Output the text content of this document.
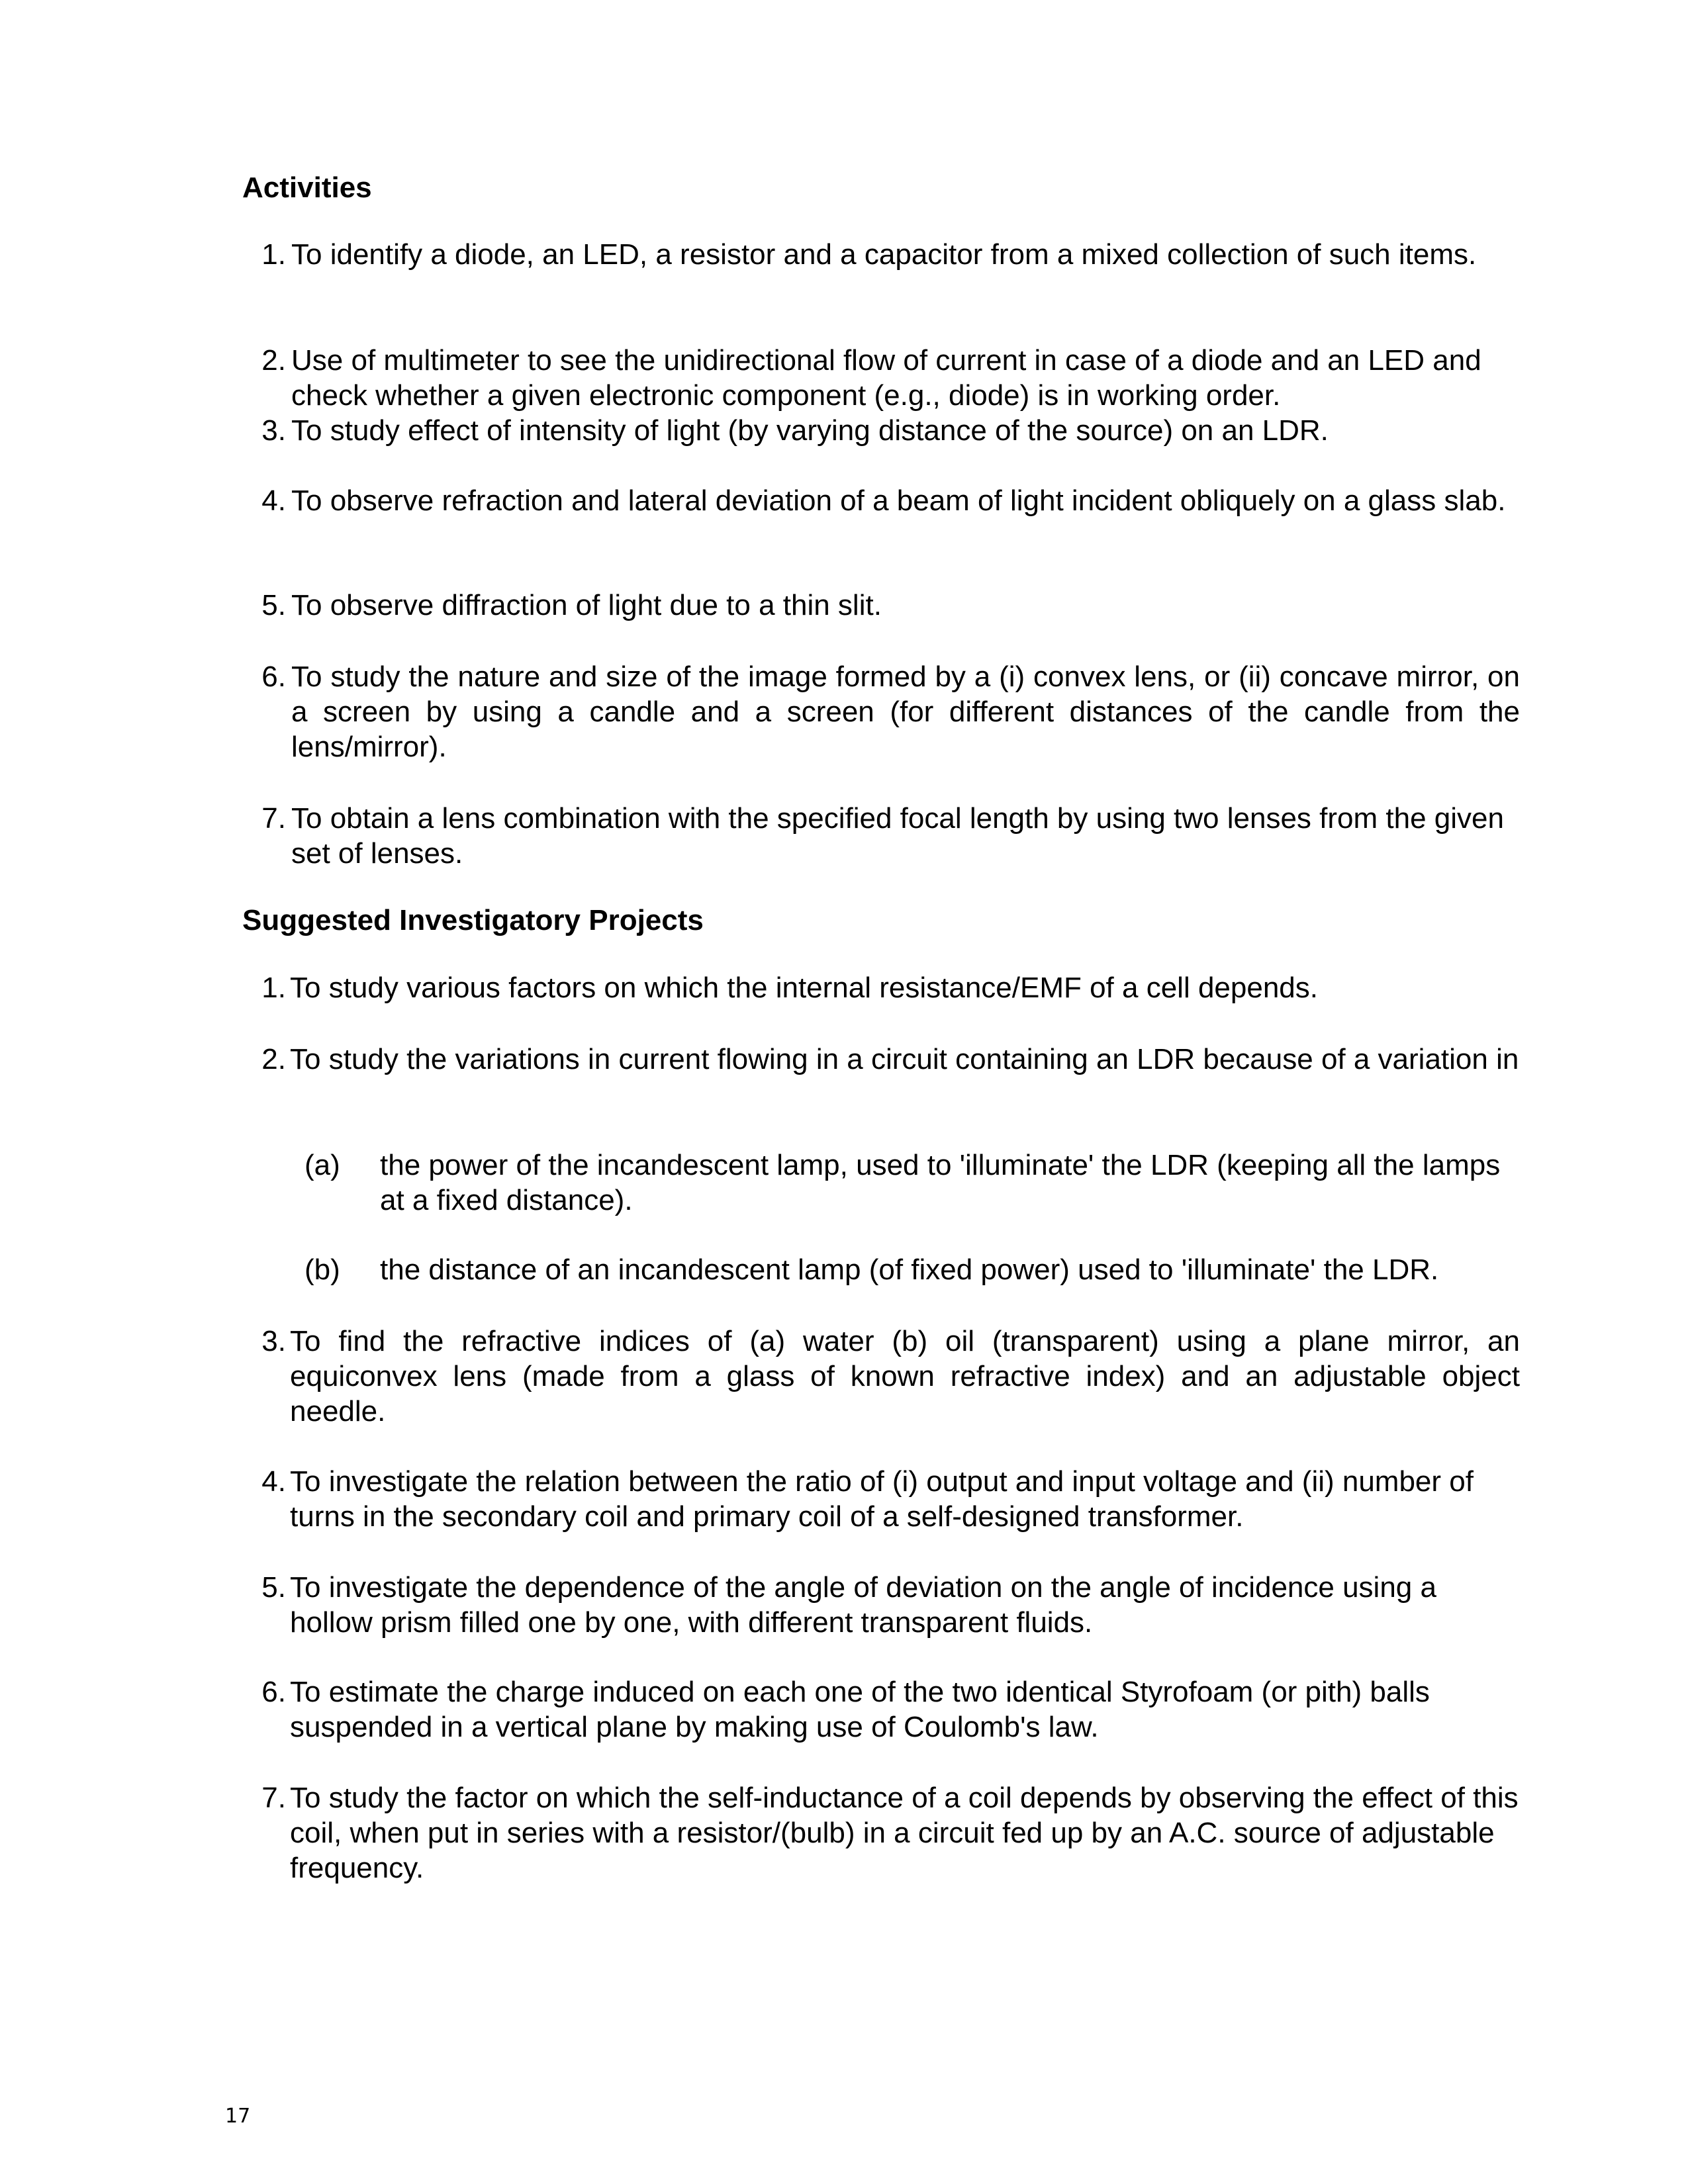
Activities
1. To identify a diode, an LED, a resistor and a capacitor from a mixed collection of such items.
2. Use of multimeter to see the unidirectional flow of current in case of a diode and an LED and check whether a given electronic component (e.g., diode) is in working order.
3. To study effect of intensity of light (by varying distance of the source) on an LDR.
4. To observe refraction and lateral deviation of a beam of light incident obliquely on a glass slab.
5. To observe diffraction of light due to a thin slit.
6. To study the nature and size of the image formed by a (i) convex lens, or (ii) concave mirror, on a screen by using a candle and a screen (for different distances of the candle from the lens/mirror).
7. To obtain a lens combination with the specified focal length by using two lenses from the given set of lenses.
Suggested Investigatory Projects
1. To study various factors on which the internal resistance/EMF of a cell depends.
2. To study the variations in current flowing in a circuit containing an LDR because of a variation in
(a) the power of the incandescent lamp, used to 'illuminate' the LDR (keeping all the lamps at a fixed distance).
(b) the distance of an incandescent lamp (of fixed power) used to 'illuminate' the LDR.
3. To find the refractive indices of (a) water (b) oil (transparent) using a plane mirror, an equiconvex lens (made from a glass of known refractive index) and an adjustable object needle.
4. To investigate the relation between the ratio of (i) output and input voltage and (ii) number of turns in the secondary coil and primary coil of a self-designed transformer.
5. To investigate the dependence of the angle of deviation on the angle of incidence using a hollow prism filled one by one, with different transparent fluids.
6. To estimate the charge induced on each one of the two identical Styrofoam (or pith) balls suspended in a vertical plane by making use of Coulomb's law.
7. To study the factor on which the self-inductance of a coil depends by observing the effect of this coil, when put in series with a resistor/(bulb) in a circuit fed up by an A.C. source of adjustable frequency.
17
